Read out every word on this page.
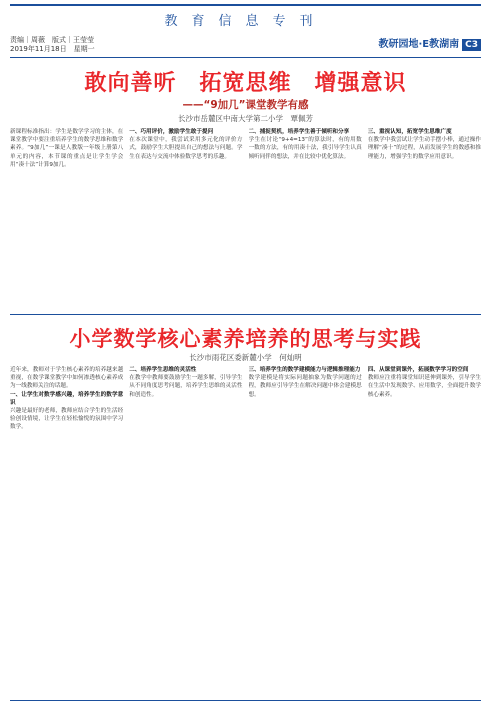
教育信息专刊
责编｜周薇　版式｜王莹莹
2019年11月18日　星期一	教研园地·E教湖南 C3
敢向善听　拓宽思维　增强意识
——“9加几”课堂教学有感
长沙市岳麓区中南大学第二小学　覃佩芳

新课程标准指出：学生是数学学习的主体，在课堂教学中要注重培养学生的数学思维和数学素养。“9加几”一课是人教版一年级上册第八单元的内容，本节课的重点是让学生学会用“凑十法”计算9加几。

一、巧用评价，激励学生敢于提问

在本次课堂中，我尝试采用多元化的评价方式，鼓励学生大胆提出自己的想法与问题。学生在表达与交流中体验数学思考的乐趣。

二、捕捉契机，培养学生善于倾听和分享

学生在讨论“9+4=13”的算法时，有的用数一数的方法，有的用凑十法，我引导学生认真倾听同伴的想法，并在比较中优化算法。

三、重视认知，拓宽学生思维广度

在教学中我尝试让学生动手摆小棒，通过操作理解“凑十”的过程，从而发展学生的数感和推理能力，增强学生的数学应用意识。

小学数学核心素养培养的思考与实践
长沙市雨花区委新麓小学　何灿明

近年来，教师对于学生核心素养的培养越来越重视，在数学课堂教学中如何渗透核心素养成为一线教师关注的话题。

一、让学生对数学感兴趣，培养学生的数学意识

兴趣是最好的老师，教师应结合学生的生活经验创设情境，让学生在轻松愉悦的氛围中学习数学。

二、培养学生思维的灵活性

在教学中教师要鼓励学生一题多解，引导学生从不同角度思考问题，培养学生思维的灵活性和创造性。

三、培养学生的数学建模能力与逻辑推理能力

数学建模是将实际问题抽象为数学问题的过程，教师应引导学生在解决问题中体会建模思想。

四、从课堂到课外，拓展数学学习的空间

教师应注重将课堂知识延伸到课外，引导学生在生活中发现数学、应用数学，全面提升数学核心素养。
